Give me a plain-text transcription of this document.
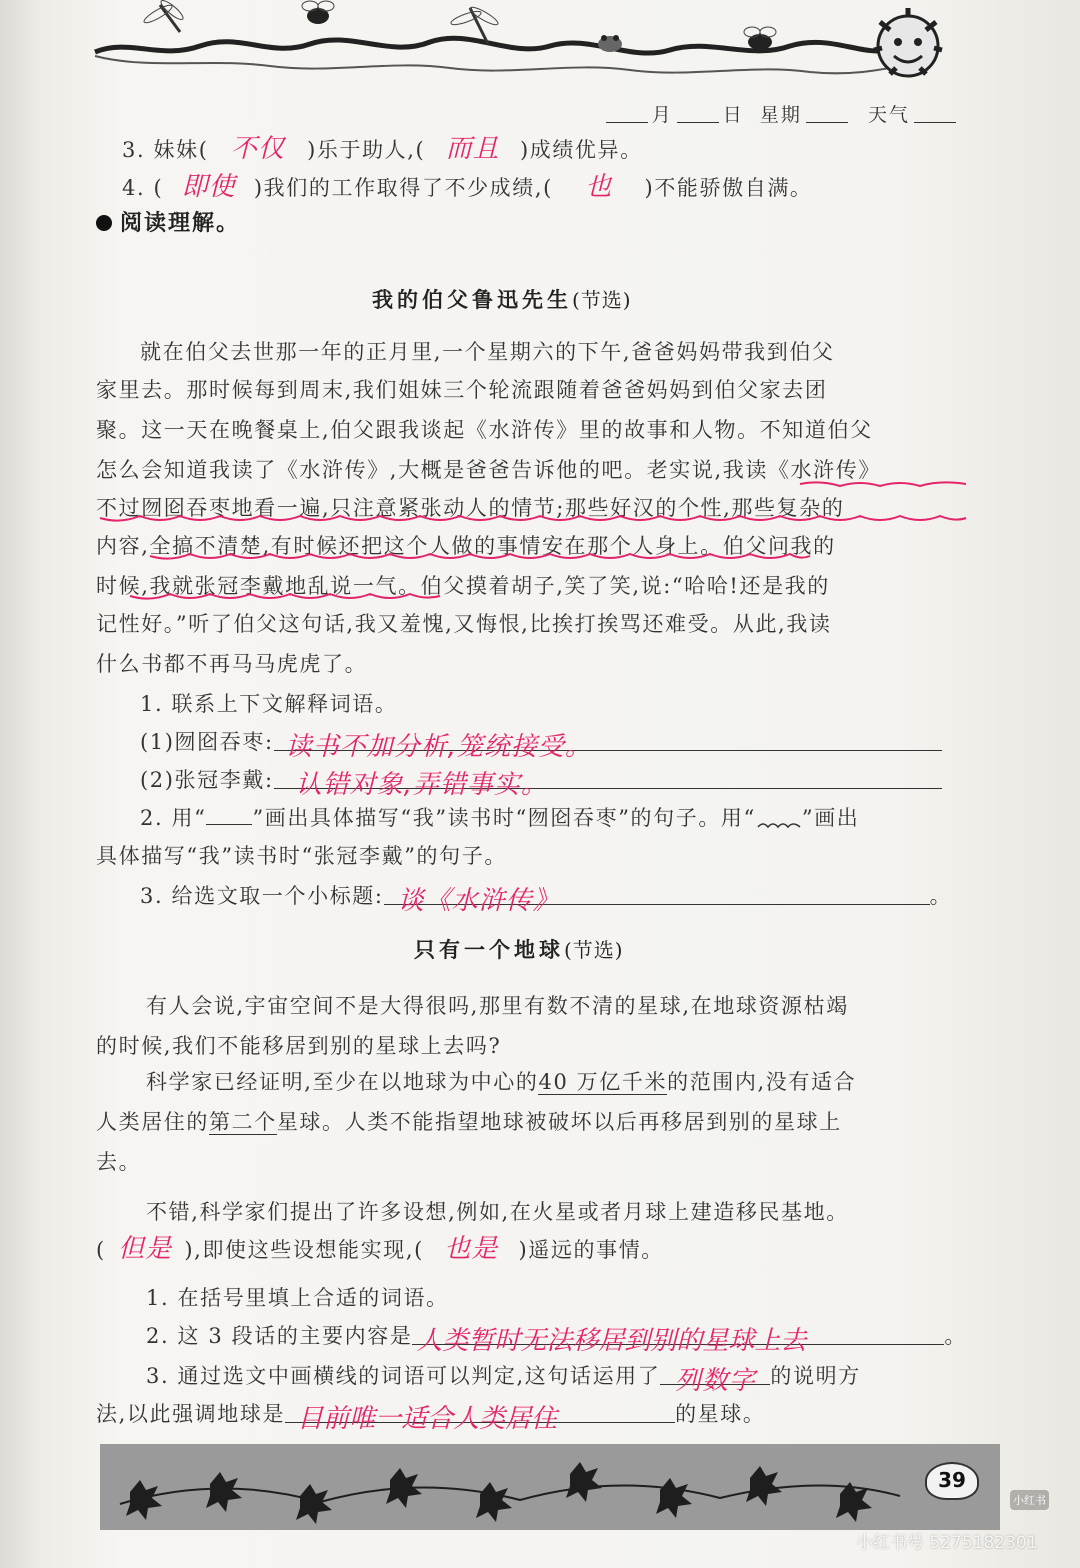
月	日 星期	天气
3. 妹妹( 不仅 )乐于助人,( 而且 )成绩优异。
4. ( 即使 )我们的工作取得了不少成绩,( 也 )不能骄傲自满。
阅读理解。
我的伯父鲁迅先生(节选)
就在伯父去世那一年的正月里,一个星期六的下午,爸爸妈妈带我到伯父
家里去。那时候每到周末,我们姐妹三个轮流跟随着爸爸妈妈到伯父家去团
聚。这一天在晚餐桌上,伯父跟我谈起《水浒传》里的故事和人物。不知道伯父
怎么会知道我读了《水浒传》,大概是爸爸告诉他的吧。老实说,我读《水浒传》
不过囫囵吞枣地看一遍,只注意紧张动人的情节;那些好汉的个性,那些复杂的
内容,全搞不清楚,有时候还把这个人做的事情安在那个人身上。伯父问我的
时候,我就张冠李戴地乱说一气。伯父摸着胡子,笑了笑,说:“哈哈!还是我的
记性好。”听了伯父这句话,我又羞愧,又悔恨,比挨打挨骂还难受。从此,我读
什么书都不再马马虎虎了。
1. 联系上下文解释词语。
(1)囫囵吞枣: 读书不加分析,笼统接受。
(2)张冠李戴: 认错对象,弄错事实。
2. 用“ ”画出具体描写“我”读书时“囫囵吞枣”的句子。用“ ”画出
具体描写“我”读书时“张冠李戴”的句子。
3. 给选文取一个小标题: 谈《水浒传》	。
只有一个地球(节选)
有人会说,宇宙空间不是大得很吗,那里有数不清的星球,在地球资源枯竭
的时候,我们不能移居到别的星球上去吗?
科学家已经证明,至少在以地球为中心的40 万亿千米的范围内,没有适合
人类居住的第二个星球。人类不能指望地球被破坏以后再移居到别的星球上
去。
不错,科学家们提出了许多设想,例如,在火星或者月球上建造移民基地。
( 但是 ),即使这些设想能实现,( 也是 )遥远的事情。
1. 在括号里填上合适的词语。
2. 这 3 段话的主要内容是 人类暂时无法移居到别的星球上去	。
3. 通过选文中画横线的词语可以判定,这句话运用了 列数字 的说明方
法,以此强调地球是 目前唯一适合人类居住	的星球。
39
小红书号 5275182301
小红书
